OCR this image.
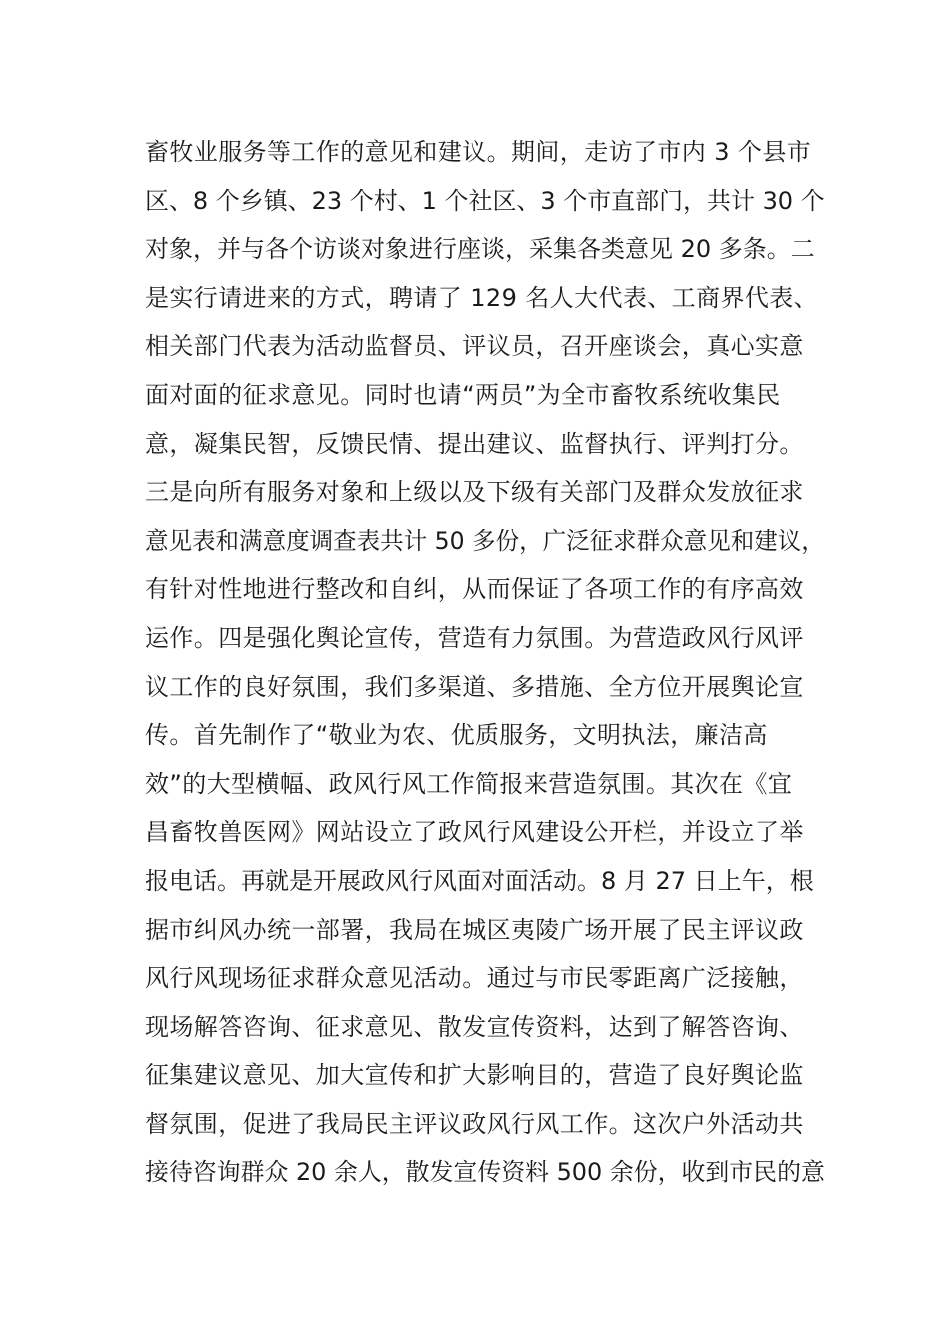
畜牧业服务等工作的意见和建议。期间，走访了市内 3 个县市
区、8 个乡镇、23 个村、1 个社区、3 个市直部门，共计 30 个
对象，并与各个访谈对象进行座谈，采集各类意见 20 多条。二
是实行请进来的方式，聘请了 129 名人大代表、工商界代表、
相关部门代表为活动监督员、评议员，召开座谈会，真心实意
面对面的征求意见。同时也请“两员”为全市畜牧系统收集民
意，凝集民智，反馈民情、提出建议、监督执行、评判打分。
三是向所有服务对象和上级以及下级有关部门及群众发放征求
意见表和满意度调查表共计 50 多份，广泛征求群众意见和建议，
有针对性地进行整改和自纠，从而保证了各项工作的有序高效
运作。四是强化舆论宣传，营造有力氛围。为营造政风行风评
议工作的良好氛围，我们多渠道、多措施、全方位开展舆论宣
传。首先制作了“敬业为农、优质服务，文明执法，廉洁高
效”的大型横幅、政风行风工作简报来营造氛围。其次在《宜
昌畜牧兽医网》网站设立了政风行风建设公开栏，并设立了举
报电话。再就是开展政风行风面对面活动。8 月 27 日上午，根
据市纠风办统一部署，我局在城区夷陵广场开展了民主评议政
风行风现场征求群众意见活动。通过与市民零距离广泛接触，
现场解答咨询、征求意见、散发宣传资料，达到了解答咨询、
征集建议意见、加大宣传和扩大影响目的，营造了良好舆论监
督氛围，促进了我局民主评议政风行风工作。这次户外活动共
接待咨询群众 20 余人，散发宣传资料 500 余份，收到市民的意
